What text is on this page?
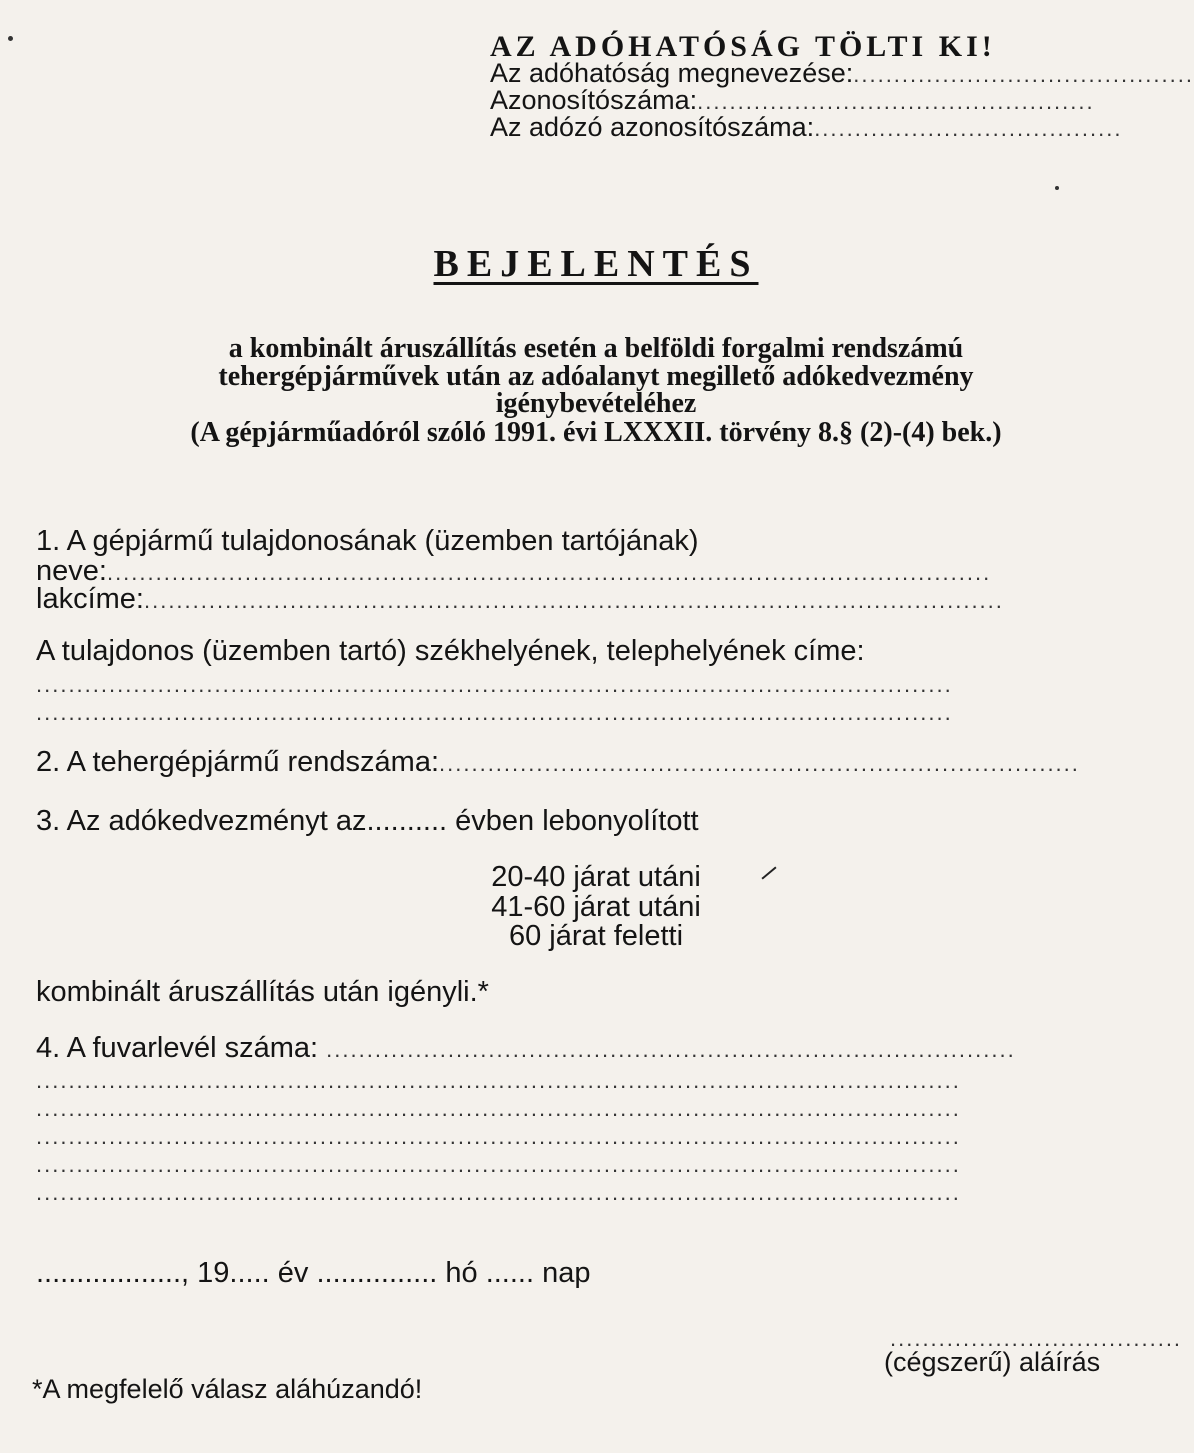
AZ ADÓHATÓSÁG TÖLTI KI!
Az adóhatóság megnevezése:..........................................
Azonosítószáma:.................................................
Az adózó azonosítószáma:......................................
BEJELENTÉS
a kombinált áruszállítás esetén a belföldi forgalmi rendszámú
tehergépjárművek után az adóalanyt megillető adókedvezmény
igénybevételéhez
(A gépjárműadóról szóló 1991. évi LXXXII. törvény 8.§ (2)-(4) bek.)
1. A gépjármű tulajdonosának (üzemben tartójának)
neve:.............................................................................................................
lakcíme:..........................................................................................................
A tulajdonos (üzemben tartó) székhelyének, telephelyének címe:
.................................................................................................................
.................................................................................................................
2. A tehergépjármű rendszáma:...............................................................................
3. Az adókedvezményt az.......... évben lebonyolított
20-40 járat utáni
41-60 járat utáni
60 járat feletti
kombinált áruszállítás után igényli.*
4. A fuvarlevél száma: .....................................................................................
..................................................................................................................
..................................................................................................................
..................................................................................................................
..................................................................................................................
..................................................................................................................
.................., 19..... év ............... hó ...... nap
....................................
(cégszerű) aláírás
*A megfelelő válasz aláhúzandó!
